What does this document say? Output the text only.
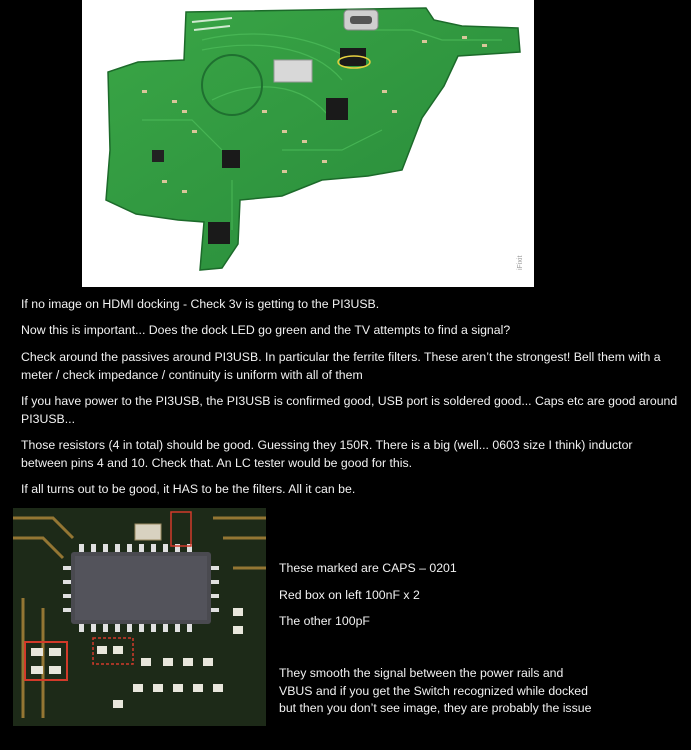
iFixit

If no image on HDMI docking - Check 3v is getting to the PI3USB.

Now this is important... Does the dock LED go green and the TV attempts to find a signal?

Check around the passives around PI3USB. In particular the ferrite filters. These aren’t the strongest! Bell them with a meter / check impedance / continuity is uniform with all of them

If you have power to the PI3USB, the PI3USB is confirmed good, USB port is soldered good... Caps etc are good around PI3USB...

Those resistors (4 in total) should be good. Guessing they 150R. There is a big (well... 0603 size I think) inductor between pins 4 and 10. Check that. An LC tester would be good for this.

If all turns out to be good, it HAS to be the filters. All it can be.

These marked are CAPS – 0201
Red box on left 100nF x 2
The other 100pF
They smooth the signal between the power rails and VBUS and if you get the Switch recognized while docked but then you don’t see image, they are probably the issue
